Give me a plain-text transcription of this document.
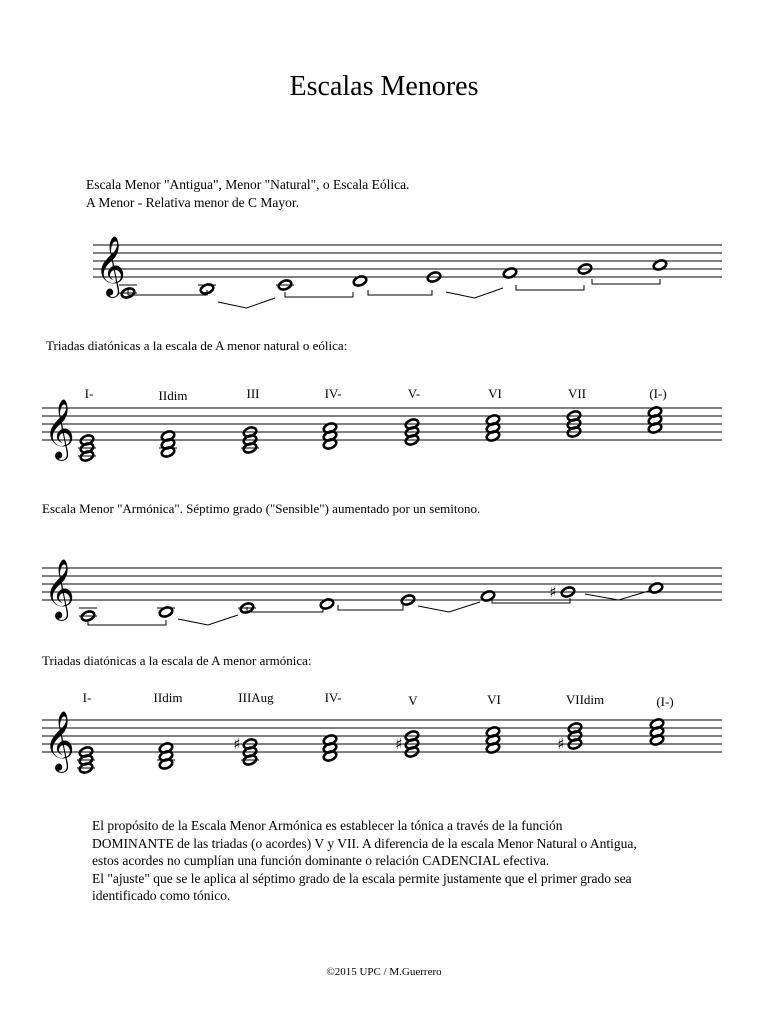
Escalas Menores
Escala Menor "Antigua", Menor "Natural", o Escala Eólica.
A Menor - Relativa menor de C Mayor.
Triadas diatónicas a la escala de A menor natural o eólica:
Escala Menor "Armónica". Séptimo grado ("Sensible") aumentado por un semitono.
Triadas diatónicas a la escala de A menor armónica:
El propósito de la Escala Menor Armónica es establecer la tónica a través de la función
DOMINANTE de las triadas (o acordes) V y VII. A diferencia de la escala Menor Natural o Antigua,
estos acordes no cumplían una función dominante o relación CADENCIAL efectiva.
El "ajuste" que se le aplica al séptimo grado de la escala permite justamente que el primer grado sea
identificado como tónico.
©2015 UPC / M.Guerrero
𝄞
𝄞
I-	IIdim	III	IV-	V-	VI	VII	(I-)
𝄞	♯
𝄞	♯	♯	♯
I-	IIdim	IIIAug	IV-	V	VI	VIIdim	(I-)
